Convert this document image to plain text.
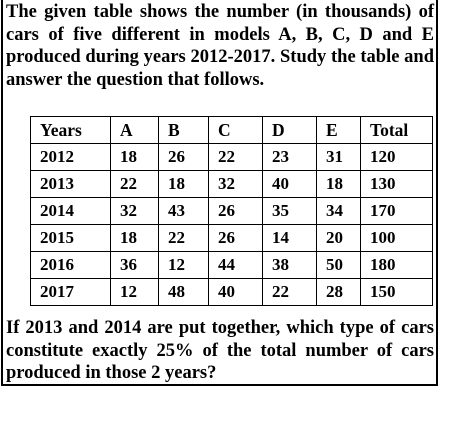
The given table shows the number (in thousands) of cars of five different in models A, B, C, D and E produced during years 2012-2017. Study the table and answer the question that follows.

Years	A	B	C	D	E	Total
2012	18	26	22	23	31	120
2013	22	18	32	40	18	130
2014	32	43	26	35	34	170
2015	18	22	26	14	20	100
2016	36	12	44	38	50	180
2017	12	48	40	22	28	150

If 2013 and 2014 are put together, which type of cars constitute exactly 25% of the total number of cars produced in those 2 years?
